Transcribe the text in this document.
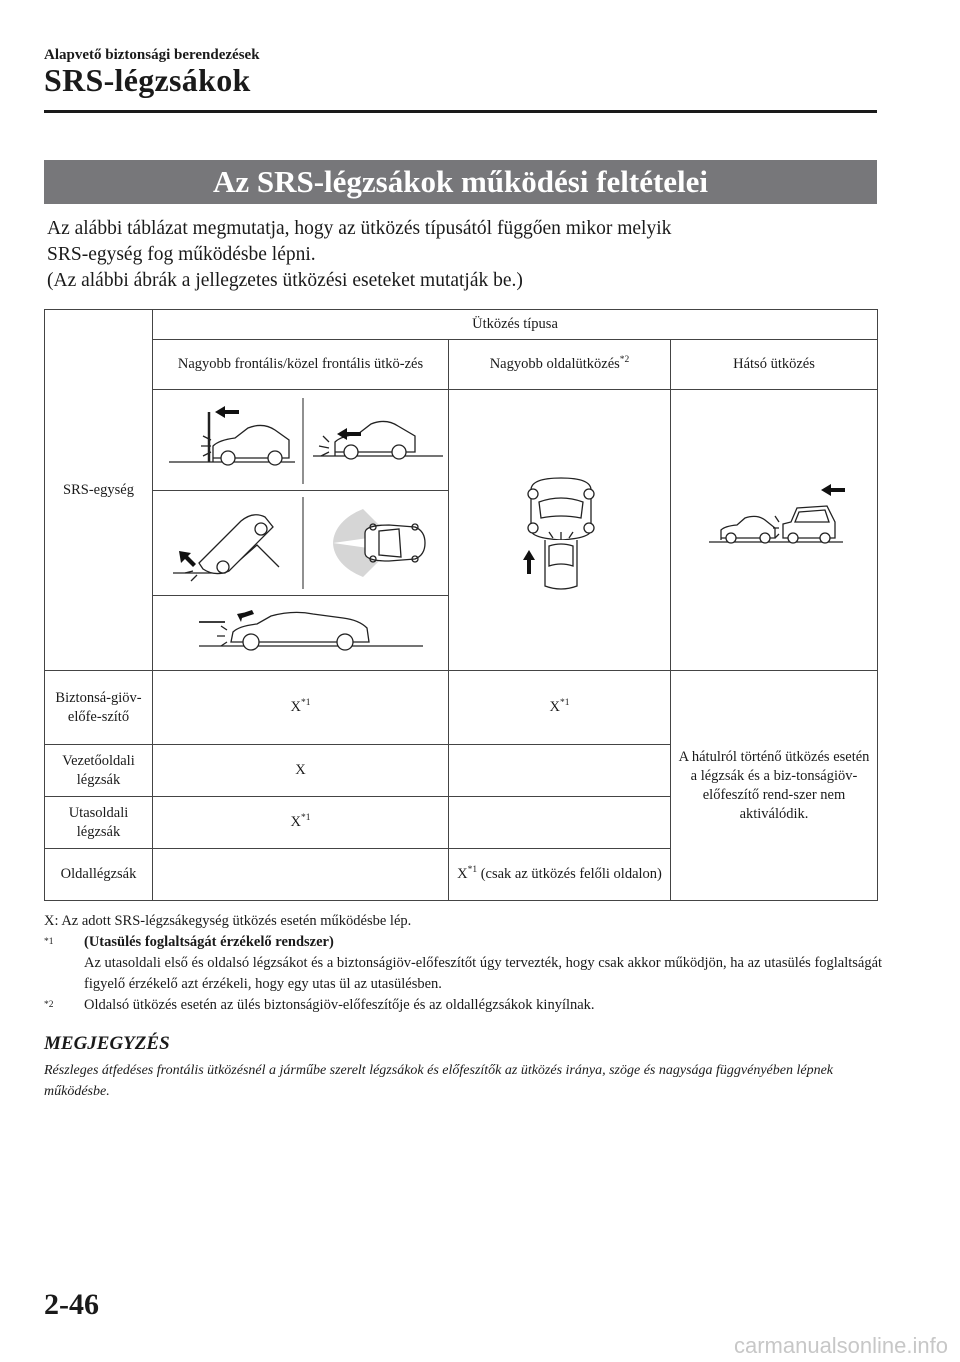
Alapvető biztonsági berendezések
SRS-légzsákok
Az SRS-légzsákok működési feltételei

Az alábbi táblázat megmutatja, hogy az ütközés típusától függően mikor melyik

SRS-egység fog működésbe lépni.

(Az alábbi ábrák a jellegzetes ütközési eseteket mutatják be.)

SRS-egység	Ütközés típusa		
	Nagyobb frontális/közel frontális ütkö-zés	Nagyobb oldalütközés$^{*2}$	Hátsó ütközés

Biztonsá-giöv-előfe-szítő	$X^{*1}$	$X^{*1}$	A hátulról történő ütközés esetén a légzsák és a biz-tonságiöv-előfeszítő rend-szer nem aktiválódik.
Vezetőoldali légzsák	X		
Utasoldali légzsák	$X^{*1}$	
Oldallégzsák		$X^{*1}$ (csak az ütközés felőli oldalon)	
X: Az adott SRS-légzsákegység ütközés esetén működésbe lép.
*1 (Utasülés foglaltságát érzékelő rendszer)
Az utasoldali első és oldalsó légzsákot és a biztonságiöv-előfeszítőt úgy tervezték, hogy csak akkor működjön, ha az utasülés foglaltságát figyelő érzékelő azt érzékeli, hogy egy utas ül az utasülésben.
*2 Oldalsó ütközés esetén az ülés biztonságiöv-előfeszítője és az oldallégzsákok kinyílnak.
MEGJEGYZÉS
Részleges átfedéses frontális ütközésnél a járműbe szerelt légzsákok és előfeszítők az ütközés iránya, szöge és nagysága függvényében lépnek működésbe.
2-46
carmanualsonline.info
